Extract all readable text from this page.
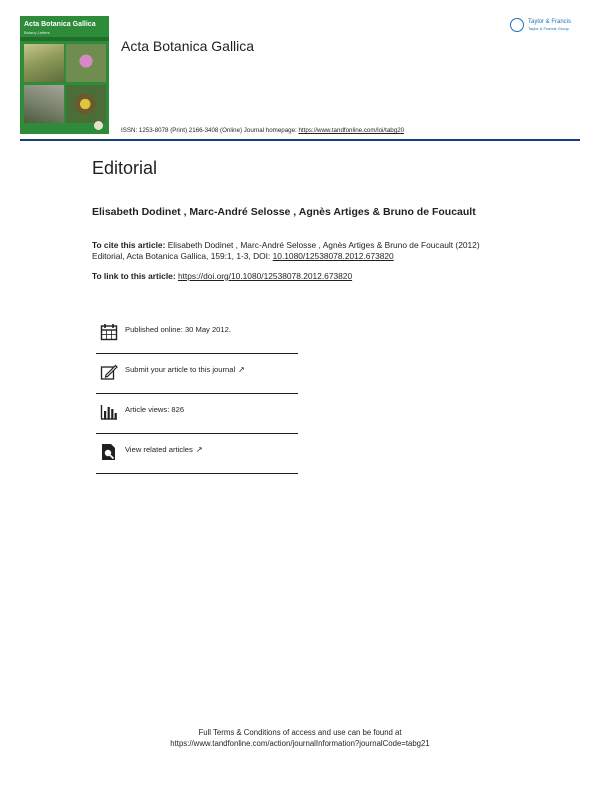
Acta Botanica Gallica
Botany Letters
Acta Botanica Gallica
ISSN: 1253-8078 (Print) 2166-3408 (Online) Journal homepage: https://www.tandfonline.com/loi/tabg20
Taylor & Francis
Taylor & Francis Group
Editorial
Elisabeth Dodinet , Marc-André Selosse , Agnès Artiges & Bruno de Foucault
To cite this article: Elisabeth Dodinet , Marc-André Selosse , Agnès Artiges & Bruno de Foucault (2012) Editorial, Acta Botanica Gallica, 159:1, 1-3, DOI: 10.1080/12538078.2012.673820
To link to this article: https://doi.org/10.1080/12538078.2012.673820
Published online: 30 May 2012.
Submit your article to this journal ↗
Article views: 826
View related articles ↗
Full Terms & Conditions of access and use can be found at
https://www.tandfonline.com/action/journalInformation?journalCode=tabg21
